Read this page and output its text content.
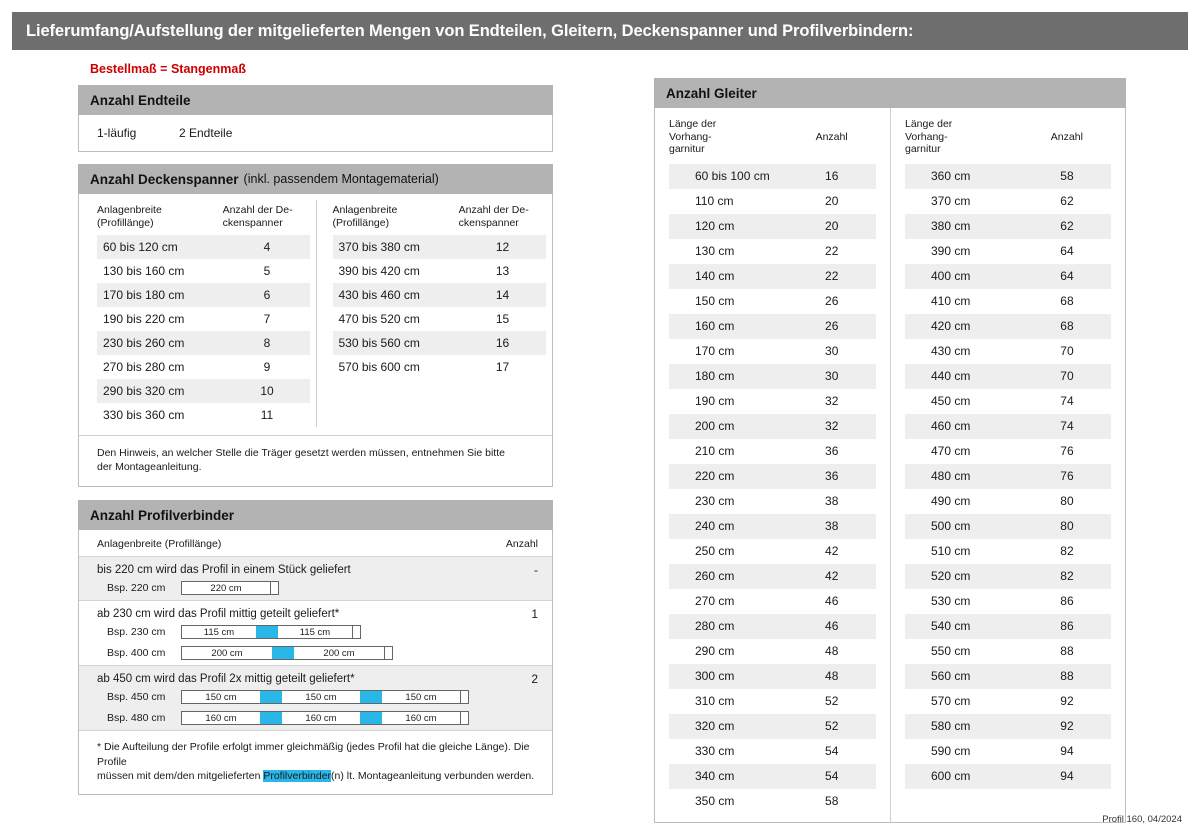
Lieferumfang/Aufstellung der mitgelieferten Mengen von Endteilen, Gleitern, Deckenspanner und Profilverbindern:
Bestellmaß = Stangenmaß
Anzahl Endteile
1-läufig	2 Endteile
Anzahl Deckenspanner (inkl. passendem Montagematerial)
Anlagenbreite
(Profillänge)
Anzahl der De-
ckenspanner
60 bis 120 cm	4
130 bis 160 cm	5
170 bis 180 cm	6
190 bis 220 cm	7
230 bis 260 cm	8
270 bis 280 cm	9
290 bis 320 cm	10
330 bis 360 cm	11
Anlagenbreite
(Profillänge)
Anzahl der De-
ckenspanner
370 bis 380 cm	12
390 bis 420 cm	13
430 bis 460 cm	14
470 bis 520 cm	15
530 bis 560 cm	16
570 bis 600 cm	17
Den Hinweis, an welcher Stelle die Träger gesetzt werden müssen, entnehmen Sie bitte
der Montageanleitung.
Anzahl Profilverbinder
Anlagenbreite (Profillänge)	Anzahl
bis 220 cm wird das Profil in einem Stück geliefert	-
Bsp. 220 cm	220 cm
ab 230 cm wird das Profil mittig geteilt geliefert*	1
Bsp. 230 cm	115 cm	115 cm
Bsp. 400 cm	200 cm	200 cm
ab 450 cm wird das Profil 2x mittig geteilt geliefert*	2
Bsp. 450 cm	150 cm	150 cm	150 cm
Bsp. 480 cm	160 cm	160 cm	160 cm
* Die Aufteilung der Profile erfolgt immer gleichmäßig (jedes Profil hat die gleiche Länge). Die Profile
müssen mit dem/den mitgelieferten Profilverbinder(n) lt. Montageanleitung verbunden werden.
Anzahl Gleiter
Länge der
Vorhang-
garnitur
Anzahl
60 bis 100 cm	16
110 cm	20
120 cm	20
130 cm	22
140 cm	22
150 cm	26
160 cm	26
170 cm	30
180 cm	30
190 cm	32
200 cm	32
210 cm	36
220 cm	36
230 cm	38
240 cm	38
250 cm	42
260 cm	42
270 cm	46
280 cm	46
290 cm	48
300 cm	48
310 cm	52
320 cm	52
330 cm	54
340 cm	54
350 cm	58
Länge der
Vorhang-
garnitur
Anzahl
360 cm	58
370 cm	62
380 cm	62
390 cm	64
400 cm	64
410 cm	68
420 cm	68
430 cm	70
440 cm	70
450 cm	74
460 cm	74
470 cm	76
480 cm	76
490 cm	80
500 cm	80
510 cm	82
520 cm	82
530 cm	86
540 cm	86
550 cm	88
560 cm	88
570 cm	92
580 cm	92
590 cm	94
600 cm	94
Profil 160, 04/2024
